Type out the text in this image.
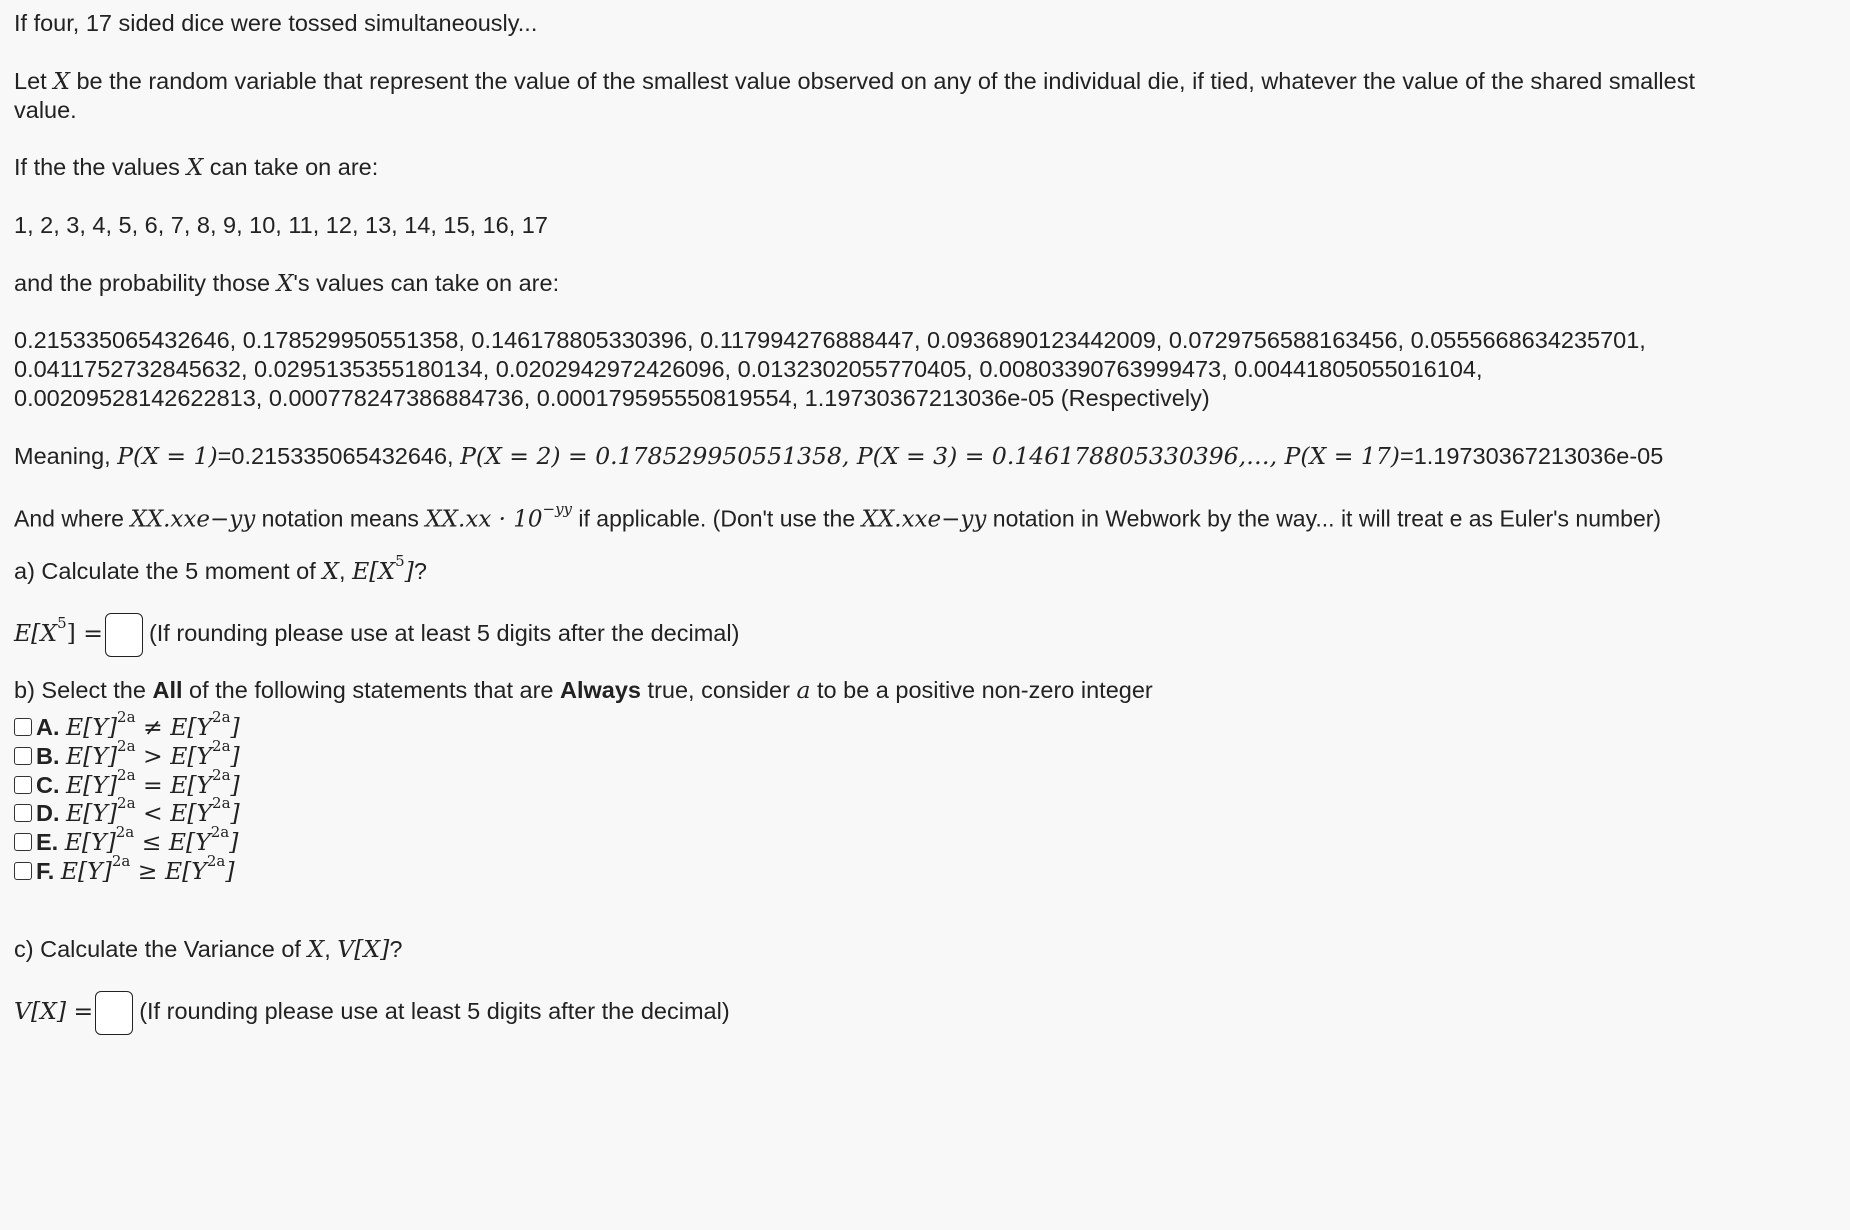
If four, 17 sided dice were tossed simultaneously...
Let X be the random variable that represent the value of the smallest value observed on any of the individual die, if tied, whatever the value of the shared smallest
value.
If the the values X can take on are:
1, 2, 3, 4, 5, 6, 7, 8, 9, 10, 11, 12, 13, 14, 15, 16, 17
and the probability those X's values can take on are:
0.215335065432646, 0.178529950551358, 0.146178805330396, 0.117994276888447, 0.0936890123442009, 0.0729756588163456, 0.0555668634235701,
0.0411752732845632, 0.0295135355180134, 0.0202942972426096, 0.0132302055770405, 0.00803390763999473, 0.00441805055016104,
0.00209528142622813, 0.000778247386884736, 0.000179595550819554, 1.19730367213036e-05 (Respectively)
Meaning, P(X = 1)=0.215335065432646, P(X = 2) = 0.178529950551358, P(X = 3) = 0.146178805330396,…, P(X = 17)=1.19730367213036e-05
And where XX.xxe−yy notation means $XX.xx \cdot 10^{-yy}$ if applicable. (Don't use the XX.xxe−yy notation in Webwork by the way... it will treat e as Euler's number)
a) Calculate the 5 moment of X, $E[X^5]$?
$E[X^5] = (If$ rounding please use at least 5 digits after the decimal)
b) Select the All of the following statements that are Always true, consider a to be a positive non-zero integer
A. $E[Y]^{2a} \ne E[Y^{2a}]$
B. $E[Y]^{2a} > E[Y^{2a}]$
C. $E[Y]^{2a} = E[Y^{2a}]$
D. $E[Y]^{2a} < E[Y^{2a}]$
E. $E[Y]^{2a} \le E[Y^{2a}]$
F. $E[Y]^{2a} \ge E[Y^{2a}]$
c) Calculate the Variance of X, V[X]?
V[X] = (If rounding please use at least 5 digits after the decimal)
